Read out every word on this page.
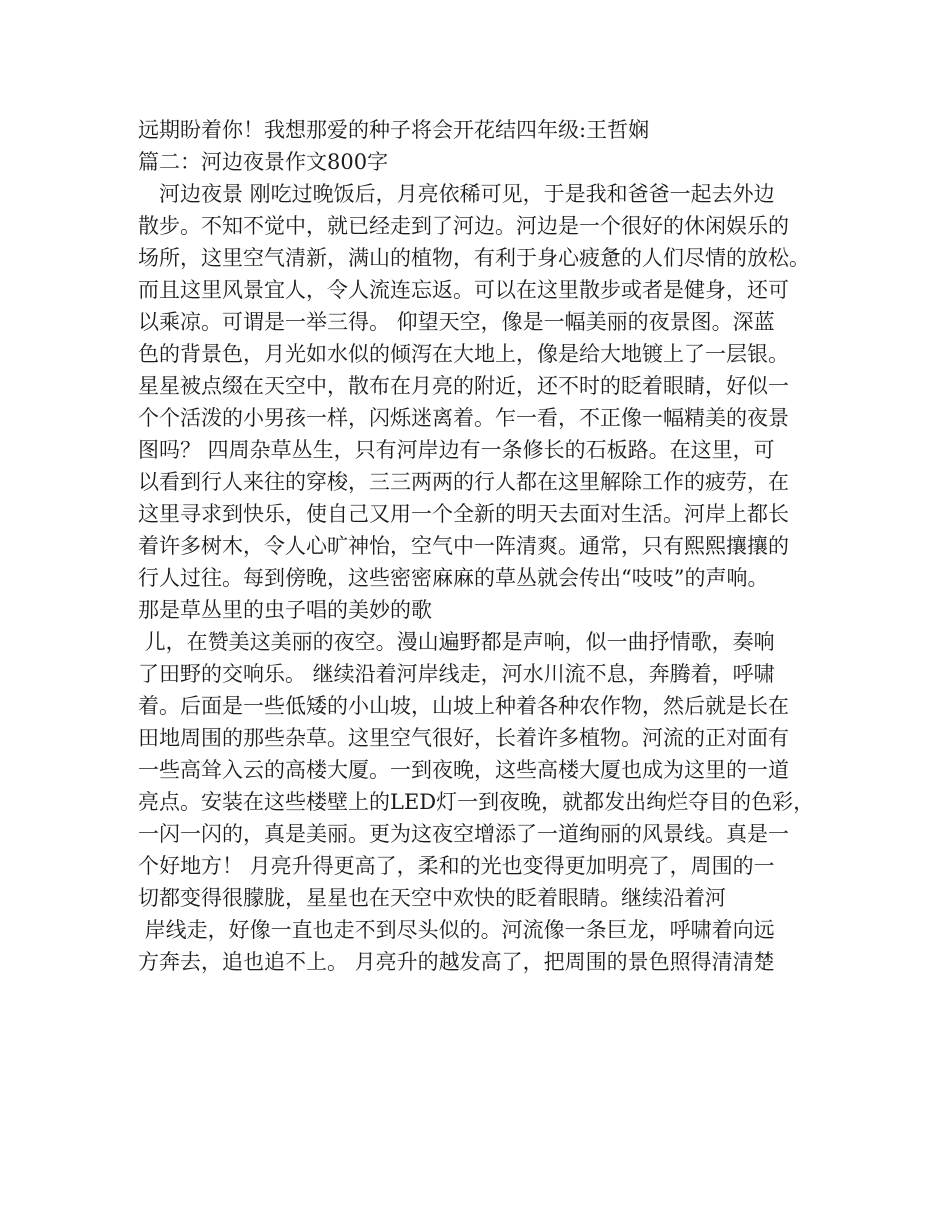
远期盼着你！我想那爱的种子将会开花结四年级:王哲娴
篇二：河边夜景作文800字
　河边夜景 刚吃过晚饭后，月亮依稀可见，于是我和爸爸一起去外边
散步。不知不觉中，就已经走到了河边。河边是一个很好的休闲娱乐的
场所，这里空气清新，满山的植物，有利于身心疲惫的人们尽情的放松。
而且这里风景宜人，令人流连忘返。可以在这里散步或者是健身，还可
以乘凉。可谓是一举三得。 仰望天空，像是一幅美丽的夜景图。深蓝
色的背景色，月光如水似的倾泻在大地上，像是给大地镀上了一层银。
星星被点缀在天空中，散布在月亮的附近，还不时的眨着眼睛，好似一
个个活泼的小男孩一样，闪烁迷离着。乍一看，不正像一幅精美的夜景
图吗？ 四周杂草丛生，只有河岸边有一条修长的石板路。在这里，可
以看到行人来往的穿梭，三三两两的行人都在这里解除工作的疲劳，在
这里寻求到快乐，使自己又用一个全新的明天去面对生活。河岸上都长
着许多树木，令人心旷神怡，空气中一阵清爽。通常，只有熙熙攘攘的
行人过往。每到傍晚，这些密密麻麻的草丛就会传出“吱吱”的声响。
那是草丛里的虫子唱的美妙的歌
儿，在赞美这美丽的夜空。漫山遍野都是声响，似一曲抒情歌，奏响
了田野的交响乐。 继续沿着河岸线走，河水川流不息，奔腾着，呼啸
着。后面是一些低矮的小山坡，山坡上种着各种农作物，然后就是长在
田地周围的那些杂草。这里空气很好，长着许多植物。河流的正对面有
一些高耸入云的高楼大厦。一到夜晚，这些高楼大厦也成为这里的一道
亮点。安装在这些楼壁上的LED灯一到夜晚，就都发出绚烂夺目的色彩，
一闪一闪的，真是美丽。更为这夜空增添了一道绚丽的风景线。真是一
个好地方！ 月亮升得更高了，柔和的光也变得更加明亮了，周围的一
切都变得很朦胧，星星也在天空中欢快的眨着眼睛。继续沿着河
岸线走，好像一直也走不到尽头似的。河流像一条巨龙，呼啸着向远
方奔去，追也追不上。 月亮升的越发高了，把周围的景色照得清清楚
